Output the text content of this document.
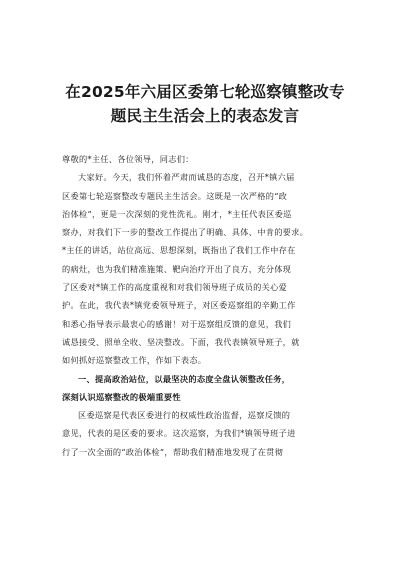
在2025年六届区委第七轮巡察镇整改专
题民主生活会上的表态发言
尊敬的*主任、各位领导，同志们：
大家好。今天，我们怀着严肃而诚恳的态度，召开*镇六届
区委第七轮巡察整改专题民主生活会。这既是一次严格的“政
治体检”，更是一次深刻的党性洗礼。刚才，*主任代表区委巡
察办，对我们下一步的整改工作提出了明确、具体、中肯的要求。
*主任的讲话，站位高远、思想深刻，既指出了我们工作中存在
的病灶，也为我们精准施策、靶向治疗开出了良方，充分体现
了区委对*镇工作的高度重视和对我们领导班子成员的关心爱
护。在此，我代表*镇党委领导班子，对区委巡察组的辛勤工作
和悉心指导表示最衷心的感谢！对于巡察组反馈的意见，我们
诚恳接受、照单全收、坚决整改。下面，我代表镇领导班子，就
如何抓好巡察整改工作，作如下表态。
一、提高政治站位，以最坚决的态度全盘认领整改任务，
深刻认识巡察整改的极端重要性
区委巡察是代表区委进行的权威性政治监督，巡察反馈的
意见，代表的是区委的要求。这次巡察，为我们*镇领导班子进
行了一次全面的“政治体检”，帮助我们精准地发现了在贯彻
